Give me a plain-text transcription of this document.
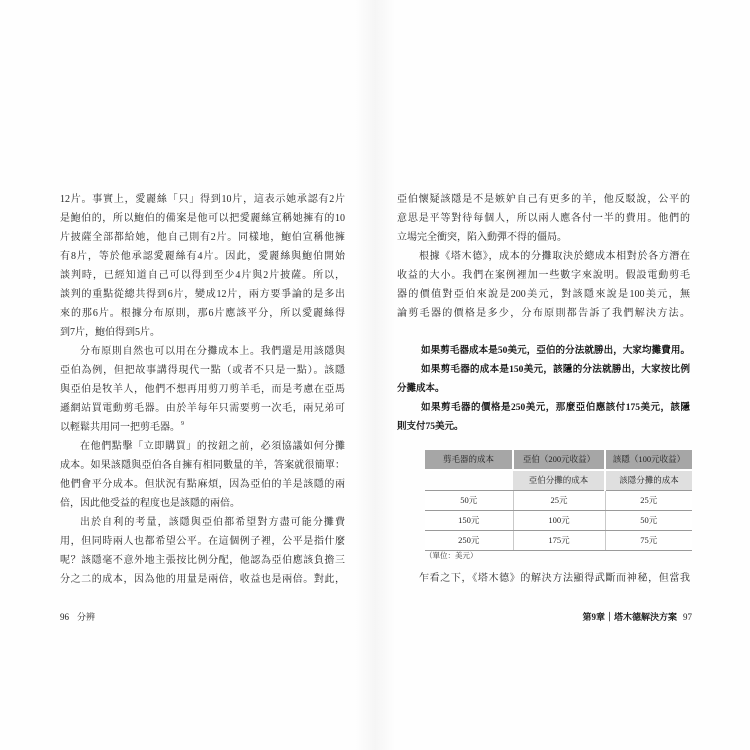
12片。事實上，愛麗絲「只」得到10片，這表示她承認有2片
是鮑伯的，所以鮑伯的備案是他可以把愛麗絲宣稱她擁有的10
片披薩全部都給她，他自己則有2片。同樣地，鮑伯宣稱他擁
有8片，等於他承認愛麗絲有4片。因此，愛麗絲與鮑伯開始
談判時，已經知道自己可以得到至少4片與2片披薩。所以，
談判的重點從總共得到6片，變成12片，兩方要爭論的是多出
來的那6片。根據分布原則，那6片應該平分，所以愛麗絲得
到7片，鮑伯得到5片。
分布原則自然也可以用在分攤成本上。我們還是用該隱與
亞伯為例，但把故事講得現代一點（或者不只是一點）。該隱
與亞伯是牧羊人，他們不想再用剪刀剪羊毛，而是考慮在亞馬
遜網站買電動剪毛器。由於羊每年只需要剪一次毛，兩兄弟可
以輕鬆共用同一把剪毛器。$^9$
在他們點擊「立即購買」的按鈕之前，必須協議如何分攤
成本。如果該隱與亞伯各自擁有相同數量的羊，答案就很簡單：
他們會平分成本。但狀況有點麻煩，因為亞伯的羊是該隱的兩
倍，因此他受益的程度也是該隱的兩倍。
出於自利的考量，該隱與亞伯都希望對方盡可能分攤費
用，但同時兩人也都希望公平。在這個例子裡，公平是指什麼
呢？該隱毫不意外地主張按比例分配，他認為亞伯應該負擔三
分之二的成本，因為他的用量是兩倍，收益也是兩倍。對此，
96 分辨
亞伯懷疑該隱是不是嫉妒自己有更多的羊，他反駁說，公平的
意思是平等對待每個人，所以兩人應各付一半的費用。他們的
立場完全衝突，陷入動彈不得的僵局。
根據《塔木德》，成本的分攤取決於總成本相對於各方潛在
收益的大小。我們在案例裡加一些數字來說明。假設電動剪毛
器的價值對亞伯來說是200美元，對該隱來說是100美元，無
論剪毛器的價格是多少，分布原則都告訴了我們解決方法。
如果剪毛器成本是50美元，亞伯的分法就勝出，大家均攤費用。
如果剪毛器的成本是150美元，該隱的分法就勝出，大家按比例
分攤成本。
如果剪毛器的價格是250美元，那麼亞伯應該付175美元，該隱
則支付75美元。
剪毛器的成本	亞伯（200元收益）	該隱（100元收益）
	亞伯分攤的成本	該隱分攤的成本
50元	25元	25元
150元	100元	50元
250元	175元	75元
（單位：美元）
乍看之下，《塔木德》的解決方法顯得武斷而神秘，但當我
第9章｜塔木德解決方案 97
